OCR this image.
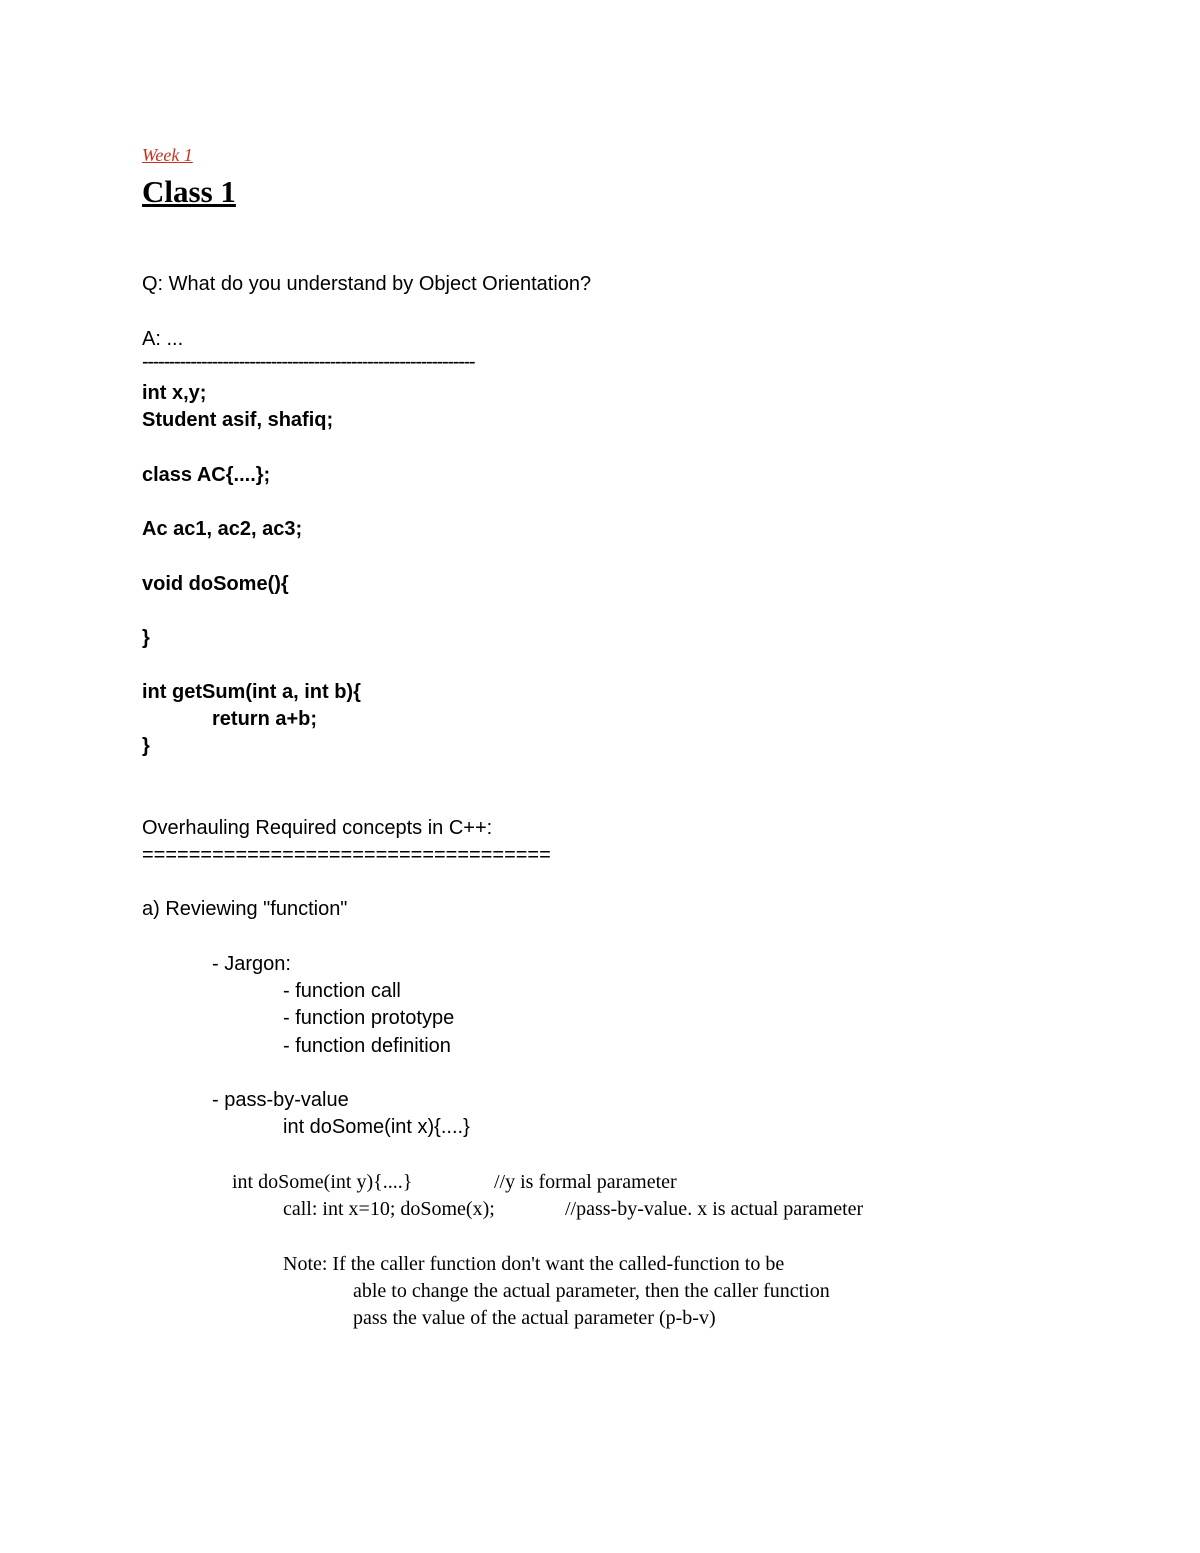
Week 1
Class 1
Q: What do you understand by Object Orientation?
A: ...
--------------------------------------------------------------
int x,y;
Student asif, shafiq;
class AC{....};
Ac ac1, ac2, ac3;
void doSome(){
}
int getSum(int a, int b){
return a+b;
}
Overhauling Required concepts in C++:
===================================
a) Reviewing "function"
- Jargon:
- function call
- function prototype
- function definition
- pass-by-value
int doSome(int x){....}
int doSome(int y){....}	//y is formal parameter
call: int x=10; doSome(x);	//pass-by-value. x is actual parameter
Note: If the caller function don't want the called-function to be
able to change the actual parameter, then the caller function
pass the value of the actual parameter (p-b-v)
